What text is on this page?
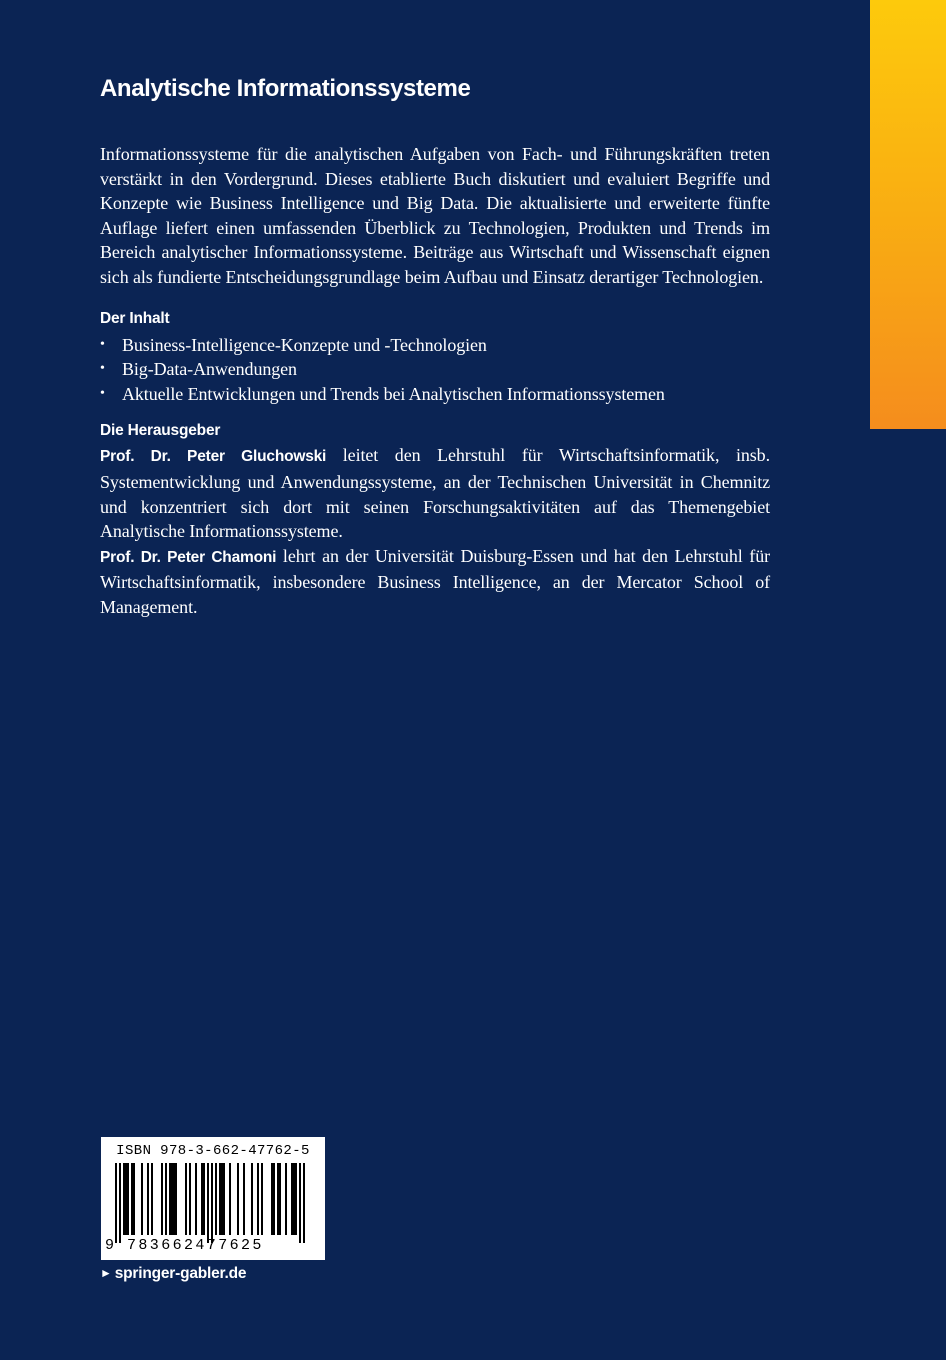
Analytische Informationssysteme

Informationssysteme für die analytischen Aufgaben von Fach- und Führungskräften treten verstärkt in den Vordergrund. Dieses etablierte Buch diskutiert und evaluiert Begriffe und Konzepte wie Business Intelligence und Big Data. Die aktualisierte und erweiterte fünfte Auflage liefert einen umfassenden Überblick zu Technologien, Produkten und Trends im Bereich analytischer Informationssysteme. Beiträge aus Wirtschaft und Wissenschaft eignen sich als fundierte Entscheidungsgrundlage beim Aufbau und Einsatz derartiger Technologien.

Der Inhalt
• Business-Intelligence-Konzepte und -Technologien
• Big-Data-Anwendungen
• Aktuelle Entwicklungen und Trends bei Analytischen Informationssystemen
Die Herausgeber

Prof. Dr. Peter Gluchowski leitet den Lehrstuhl für Wirtschaftsinformatik, insb. Systementwicklung und Anwendungssysteme, an der Technischen Universität in Chemnitz und konzentriert sich dort mit seinen Forschungsaktivitäten auf das Themengebiet Analytische Informationssysteme.

Prof. Dr. Peter Chamoni lehrt an der Universität Duisburg-Essen und hat den Lehrstuhl für Wirtschaftsinformatik, insbesondere Business Intelligence, an der Mercator School of Management.

ISBN 978-3-662-47762-5
9 783662477625
► springer-gabler.de
